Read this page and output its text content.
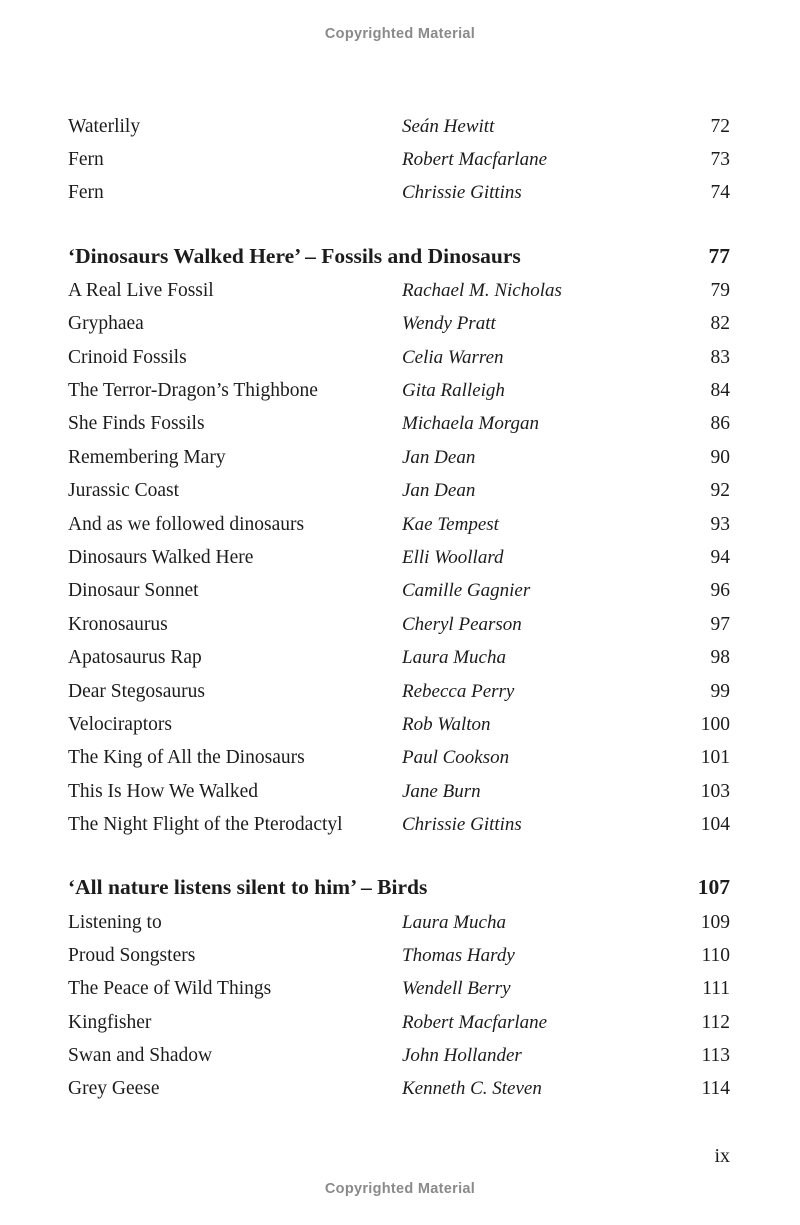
Copyrighted Material
Waterlily	Seán Hewitt	72
Fern	Robert Macfarlane	73
Fern	Chrissie Gittins	74
‘Dinosaurs Walked Here’ – Fossils and Dinosaurs	77
A Real Live Fossil	Rachael M. Nicholas	79
Gryphaea	Wendy Pratt	82
Crinoid Fossils	Celia Warren	83
The Terror-Dragon’s Thighbone	Gita Ralleigh	84
She Finds Fossils	Michaela Morgan	86
Remembering Mary	Jan Dean	90
Jurassic Coast	Jan Dean	92
And as we followed dinosaurs	Kae Tempest	93
Dinosaurs Walked Here	Elli Woollard	94
Dinosaur Sonnet	Camille Gagnier	96
Kronosaurus	Cheryl Pearson	97
Apatosaurus Rap	Laura Mucha	98
Dear Stegosaurus	Rebecca Perry	99
Velociraptors	Rob Walton	100
The King of All the Dinosaurs	Paul Cookson	101
This Is How We Walked	Jane Burn	103
The Night Flight of the Pterodactyl	Chrissie Gittins	104
‘All nature listens silent to him’ – Birds	107
Listening to	Laura Mucha	109
Proud Songsters	Thomas Hardy	110
The Peace of Wild Things	Wendell Berry	111
Kingfisher	Robert Macfarlane	112
Swan and Shadow	John Hollander	113
Grey Geese	Kenneth C. Steven	114
ix
Copyrighted Material
